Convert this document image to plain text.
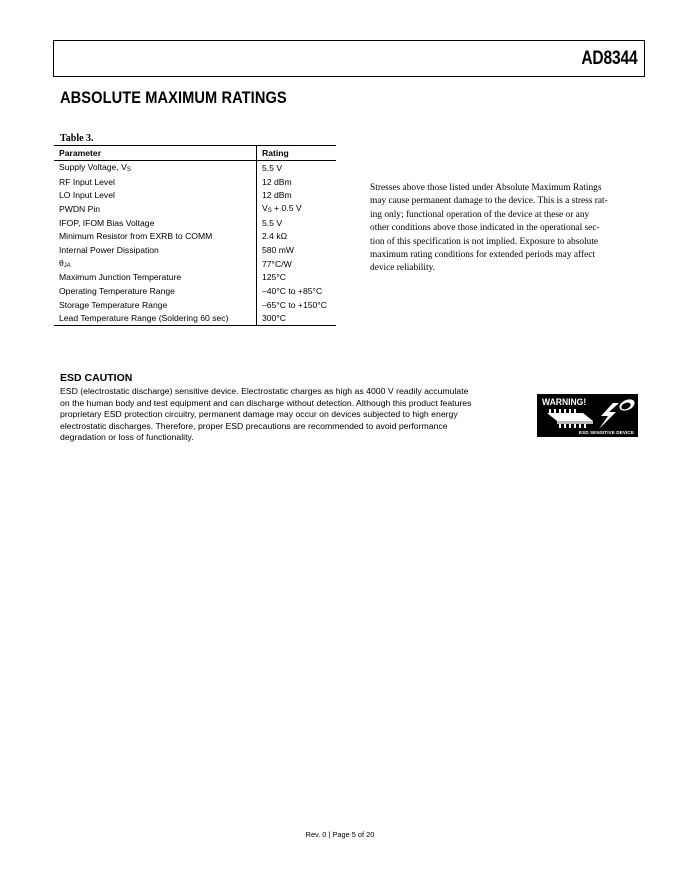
AD8344
ABSOLUTE MAXIMUM RATINGS
Table 3.
Parameter	Rating
Supply Voltage, $V_S$	5.5 V
RF Input Level	12 dBm
LO Input Level	12 dBm
PWDN Pin	$V_S + 0.5$ V
IFOP, IFOM Bias Voltage	5.5 V
Minimum Resistor from EXRB to COMM	2.4 kΩ
Internal Power Dissipation	580 mW
$\theta_{JA}$	77°C/W
Maximum Junction Temperature	125°C
Operating Temperature Range	–40°C to +85°C
Storage Temperature Range	–65°C to +150°C
Lead Temperature Range (Soldering 60 sec)	300°C
Stresses above those listed under Absolute Maximum Ratings
may cause permanent damage to the device. This is a stress rat-
ing only; functional operation of the device at these or any
other conditions above those indicated in the operational sec-
tion of this specification is not implied. Exposure to absolute
maximum rating conditions for extended periods may affect
device reliability.
ESD CAUTION
ESD (electrostatic discharge) sensitive device. Electrostatic charges as high as 4000 V readily accumulate
on the human body and test equipment and can discharge without detection. Although this product features
proprietary ESD protection circuitry, permanent damage may occur on devices subjected to high energy
electrostatic discharges. Therefore, proper ESD precautions are recommended to avoid performance
degradation or loss of functionality.
WARNING!
ESD SENSITIVE DEVICE
Rev. 0 | Page 5 of 20
